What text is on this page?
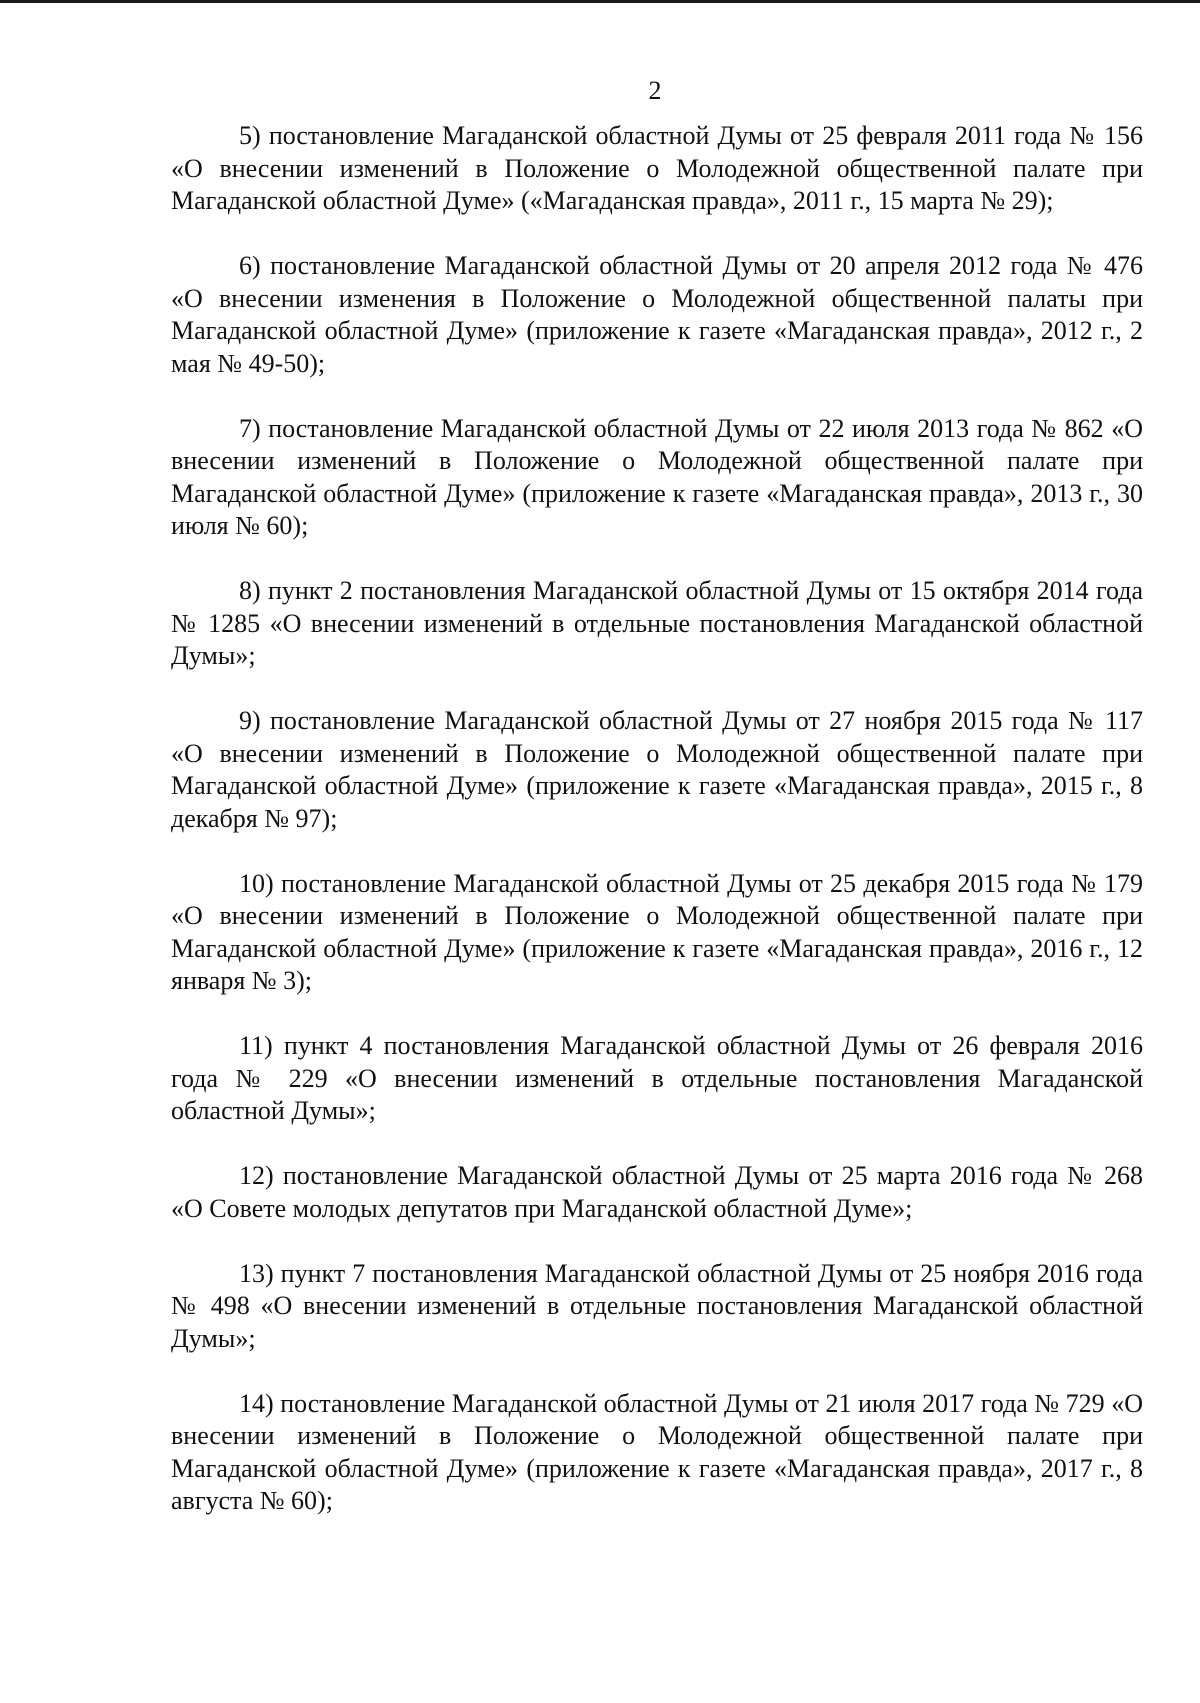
2

5) постановление Магаданской областной Думы от 25 февраля 2011 года № 156 «О внесении изменений в Положение о Молодежной общественной палате при Магаданской областной Думе» («Магаданская правда», 2011 г., 15 марта № 29);

6) постановление Магаданской областной Думы от 20 апреля 2012 года № 476 «О внесении изменения в Положение о Молодежной общественной палаты при Магаданской областной Думе» (приложение к газете «Магаданская правда», 2012 г., 2 мая № 49-50);

7) постановление Магаданской областной Думы от 22 июля 2013 года № 862 «О внесении изменений в Положение о Молодежной общественной палате при Магаданской областной Думе» (приложение к газете «Магаданская правда», 2013 г., 30 июля № 60);

8) пункт 2 постановления Магаданской областной Думы от 15 октября 2014 года № 1285 «О внесении изменений в отдельные постановления Магаданской областной Думы»;

9) постановление Магаданской областной Думы от 27 ноября 2015 года № 117 «О внесении изменений в Положение о Молодежной общественной палате при Магаданской областной Думе» (приложение к газете «Магаданская правда», 2015 г., 8 декабря № 97);

10) постановление Магаданской областной Думы от 25 декабря 2015 года № 179 «О внесении изменений в Положение о Молодежной общественной палате при Магаданской областной Думе» (приложение к газете «Магаданская правда», 2016 г., 12 января № 3);

11) пункт 4 постановления Магаданской областной Думы от 26 февраля 2016 года № 229 «О внесении изменений в отдельные постановления Магаданской областной Думы»;

12) постановление Магаданской областной Думы от 25 марта 2016 года № 268 «О Совете молодых депутатов при Магаданской областной Думе»;

13) пункт 7 постановления Магаданской областной Думы от 25 ноября 2016 года № 498 «О внесении изменений в отдельные постановления Магаданской областной Думы»;

14) постановление Магаданской областной Думы от 21 июля 2017 года № 729 «О внесении изменений в Положение о Молодежной общественной палате при Магаданской областной Думе» (приложение к газете «Магаданская правда», 2017 г., 8 августа № 60);
